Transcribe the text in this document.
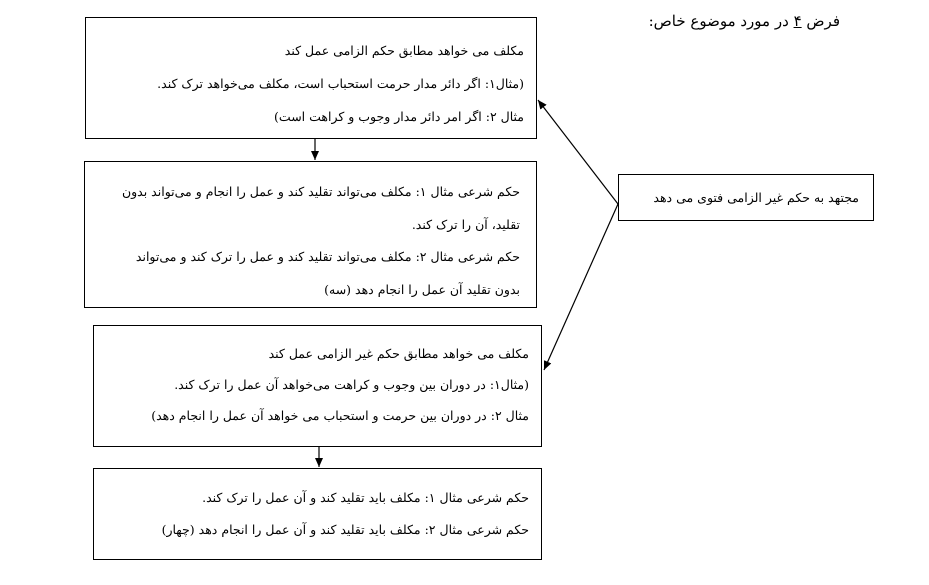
فرض ۴ در مورد موضوع خاص:

مکلف می خواهد مطابق حکم الزامی عمل کند

(مثال۱: اگر دائر مدار حرمت استحباب است، مکلف می‌خواهد ترک کند.

مثال ۲: اگر امر دائر مدار وجوب و کراهت است)

حکم شرعی مثال ۱: مکلف می‌تواند تقلید کند و عمل را انجام و می‌تواند بدون

تقلید، آن را ترک کند.

حکم شرعی مثال ۲: مکلف می‌تواند تقلید کند و عمل را ترک کند و می‌تواند

بدون تقلید آن عمل را انجام دهد (سه)

مکلف می خواهد مطابق حکم غیر الزامی عمل کند

(مثال۱: در دوران بین وجوب و کراهت می‌خواهد آن عمل را ترک کند.

مثال ۲: در دوران بین حرمت و استحباب می خواهد آن عمل را انجام دهد)

حکم شرعی مثال ۱: مکلف باید تقلید کند و آن عمل را ترک کند.

حکم شرعی مثال ۲: مکلف باید تقلید کند و آن عمل را انجام دهد (چهار)

مجتهد به حکم غیر الزامی فتوی می دهد
